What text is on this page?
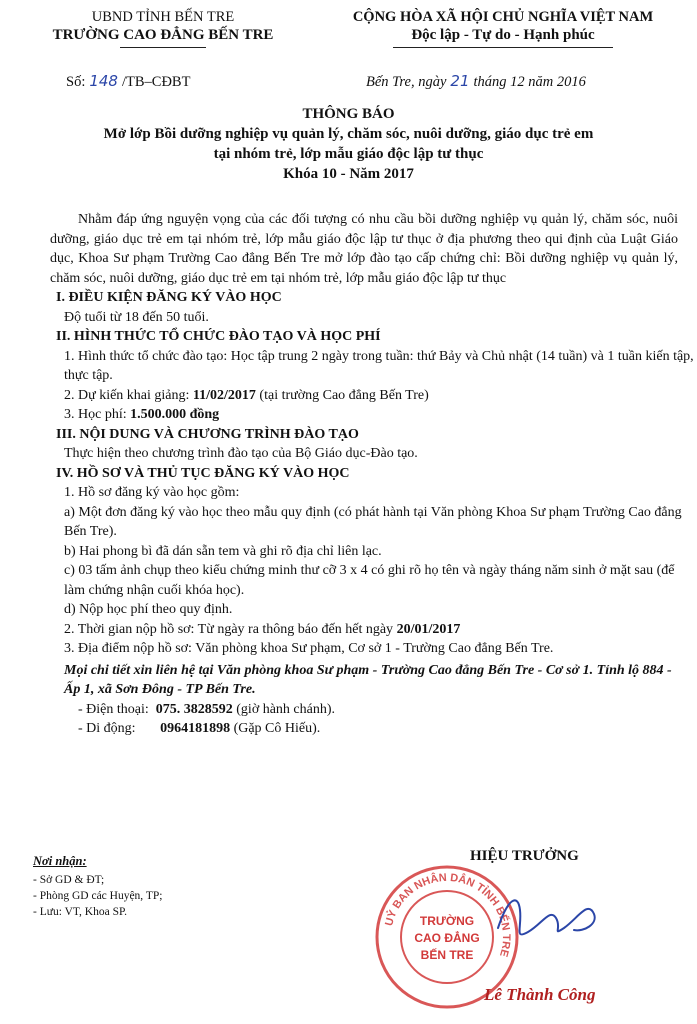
UBND TỈNH BẾN TRE
TRƯỜNG CAO ĐẲNG BẾN TRE
CỘNG HÒA XÃ HỘI CHỦ NGHĨA VIỆT NAM
Độc lập - Tự do - Hạnh phúc
Số: 148 /TB–CĐBT	Bến Tre, ngày 21 tháng 12 năm 2016
THÔNG BÁO
Mở lớp Bồi dưỡng nghiệp vụ quản lý, chăm sóc, nuôi dưỡng, giáo dục trẻ em
tại nhóm trẻ, lớp mẫu giáo độc lập tư thục
Khóa 10 - Năm 2017

Nhằm đáp ứng nguyện vọng của các đối tượng có nhu cầu bồi dưỡng nghiệp vụ quản lý, chăm sóc, nuôi dưỡng, giáo dục trẻ em tại nhóm trẻ, lớp mẫu giáo độc lập tư thục ở địa phương theo qui định của Luật Giáo dục, Khoa Sư phạm Trường Cao đẳng Bến Tre mở lớp đào tạo cấp chứng chỉ: Bồi dưỡng nghiệp vụ quản lý, chăm sóc, nuôi dưỡng, giáo dục trẻ em tại nhóm trẻ, lớp mẫu giáo độc lập tư thục

I. ĐIỀU KIỆN ĐĂNG KÝ VÀO HỌC

Độ tuổi từ 18 đến 50 tuổi.

II. HÌNH THỨC TỔ CHỨC ĐÀO TẠO VÀ HỌC PHÍ

1. Hình thức tổ chức đào tạo: Học tập trung 2 ngày trong tuần: thứ Bảy và Chủ nhật (14 tuần) và 1 tuần kiến tập, thực tập.

2. Dự kiến khai giảng: 11/02/2017 (tại trường Cao đẳng Bến Tre)

3. Học phí: 1.500.000 đồng

III. NỘI DUNG VÀ CHƯƠNG TRÌNH ĐÀO TẠO

Thực hiện theo chương trình đào tạo của Bộ Giáo dục-Đào tạo.

IV. HỒ SƠ VÀ THỦ TỤC ĐĂNG KÝ VÀO HỌC

1. Hồ sơ đăng ký vào học gồm:

a) Một đơn đăng ký vào học theo mẫu quy định (có phát hành tại Văn phòng Khoa Sư phạm Trường Cao đẳng Bến Tre).

b) Hai phong bì đã dán sẵn tem và ghi rõ địa chỉ liên lạc.

c) 03 tấm ảnh chụp theo kiểu chứng minh thư cỡ 3 x 4 có ghi rõ họ tên và ngày tháng năm sinh ở mặt sau (để làm chứng nhận cuối khóa học).

d) Nộp học phí theo quy định.

2. Thời gian nộp hồ sơ: Từ ngày ra thông báo đến hết ngày 20/01/2017

3. Địa điểm nộp hồ sơ: Văn phòng khoa Sư phạm, Cơ sở 1 - Trường Cao đẳng Bến Tre.

Mọi chi tiết xin liên hệ tại Văn phòng khoa Sư phạm - Trường Cao đẳng Bến Tre - Cơ sở 1. Tỉnh lộ 884 - Ấp 1, xã Sơn Đông - TP Bến Tre.

- Điện thoại: 075. 3828592 (giờ hành chánh).

- Di động: 0964181898 (Gặp Cô Hiếu).

Nơi nhận:
- Sở GD & ĐT;
- Phòng GD các Huyện, TP;
- Lưu: VT, Khoa SP.
HIỆU TRƯỞNG
UỶ BAN NHÂN DÂN TỈNH BẾN TRE
TRƯỜNG
CAO ĐẲNG
BẾN TRE
Lê Thành Công
